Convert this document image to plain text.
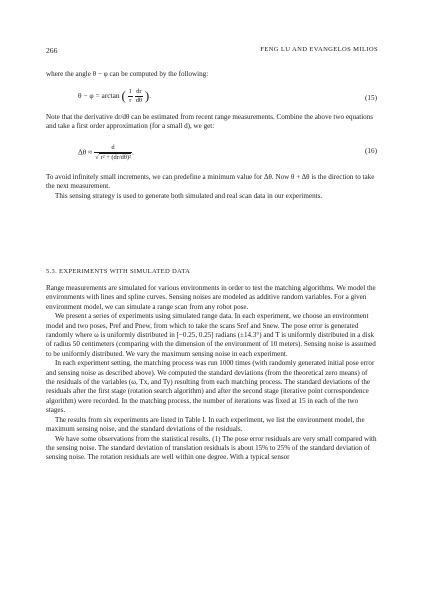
266	FENG LU AND EVANGELOS MILIOS

where the angle θ − φ can be computed by the following:

θ − φ = arctan ( $\frac{1}{r}$
$\frac{dr}{d\theta}$ ).	(15)

Note that the derivative dr/dθ can be estimated from recent range measurements. Combine the above two equations and take a first order approximation (for a small d), we get:

$\Delta\theta \approx \frac{d}{\text{√ r² + (dr/dθ)²}}$ .	(16)

To avoid infinitely small increments, we can predefine a minimum value for Δθ. Now θ + Δθ is the direction to take the next measurement.

This sensing strategy is used to generate both simulated and real scan data in our experiments.

5.3. EXPERIMENTS WITH SIMULATED DATA

Range measurements are simulated for various environments in order to test the matching algorithms. We model the environments with lines and spline curves. Sensing noises are modeled as additive random variables. For a given environment model, we can simulate a range scan from any robot pose.

We present a series of experiments using simulated range data. In each experiment, we choose an environment model and two poses, Pref and Pnew, from which to take the scans Sref and Snew. The pose error is generated randomly where ω is uniformly distributed in [−0.25, 0.25] radians (±14.3°) and T is uniformly distributed in a disk of radius 50 centimeters (comparing with the dimension of the environment of 10 meters). Sensing noise is assumed to be uniformly distributed. We vary the maximum sensing noise in each experiment.

In each experiment setting, the matching process was run 1000 times (with randomly generated initial pose error and sensing noise as described above). We computed the standard deviations (from the theoretical zero means) of the residuals of the variables (ω, Tx, and Ty) resulting from each matching process. The standard deviations of the residuals after the first stage (rotation search algorithm) and after the second stage (iterative point correspondence algorithm) were recorded. In the matching process, the number of iterations was fixed at 15 in each of the two stages.

The results from six experiments are listed in Table I. In each experiment, we list the environment model, the maximum sensing noise, and the standard deviations of the residuals.

We have some observations from the statistical results. (1) The pose error residuals are very small compared with the sensing noise. The standard deviation of translation residuals is about 15% to 25% of the standard deviation of sensing noise. The rotation residuals are well within one degree. With a typical sensor
